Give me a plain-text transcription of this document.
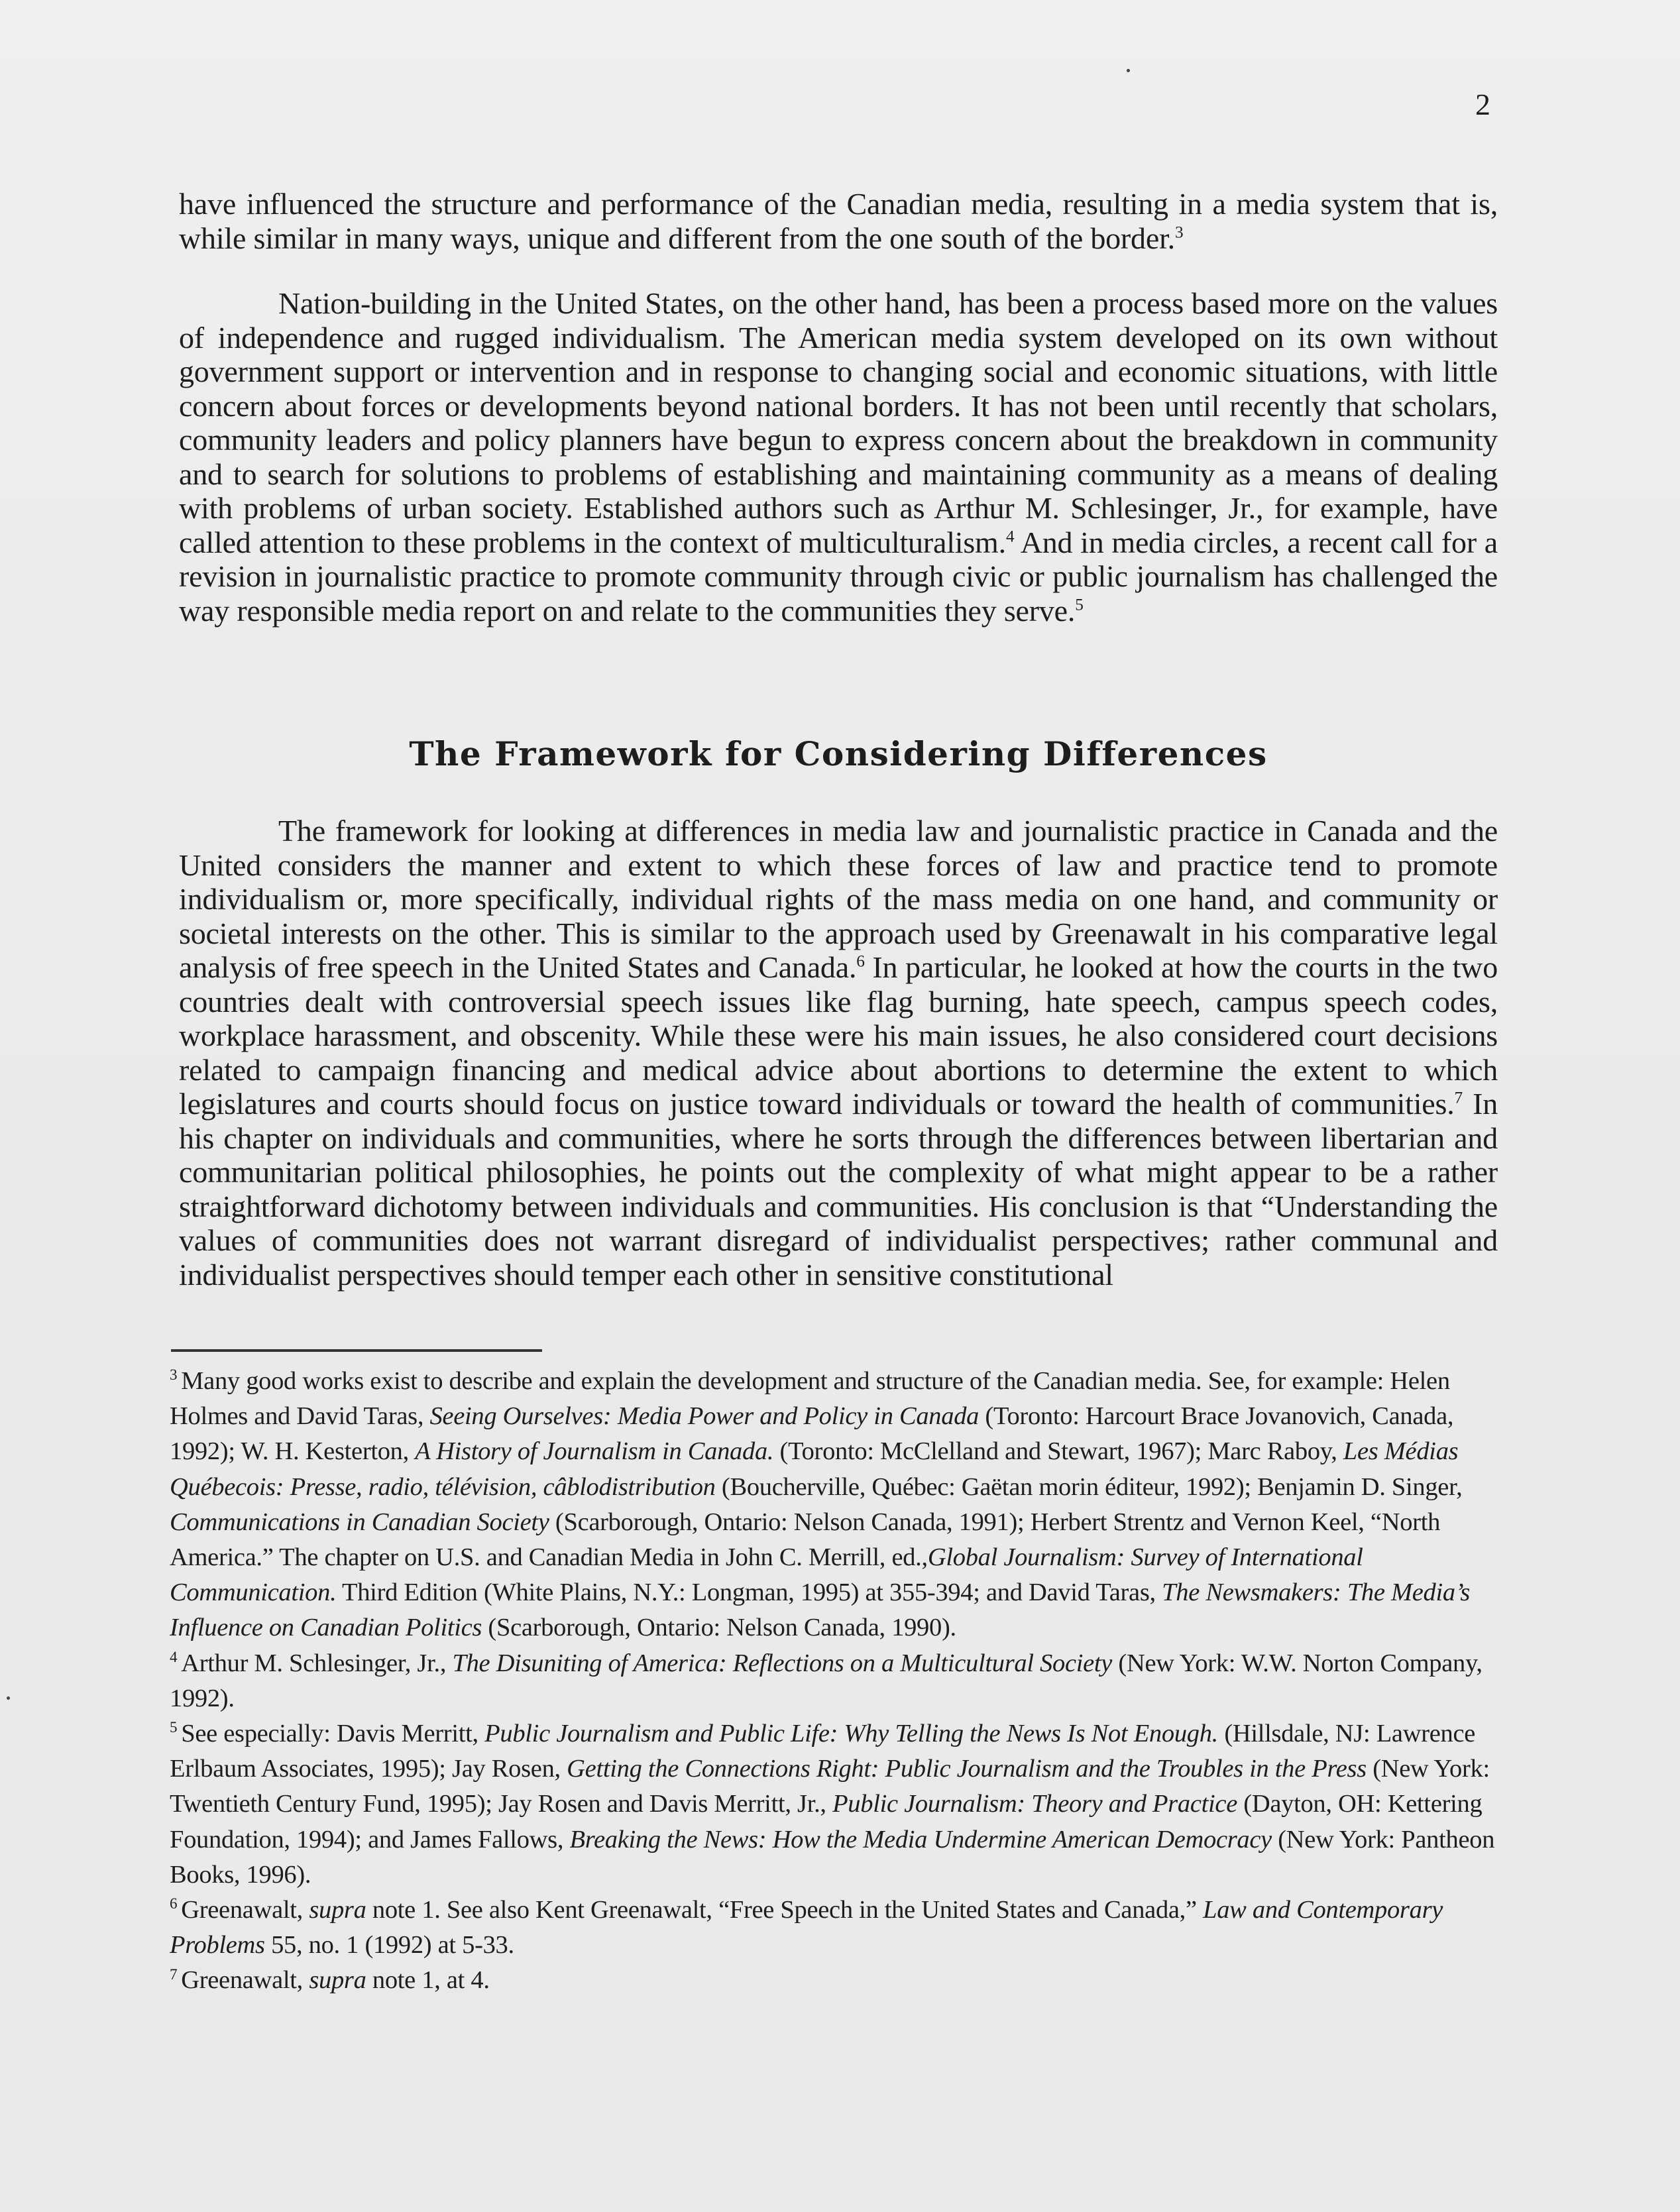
2

have influenced the structure and performance of the Canadian media, resulting in a media system that is, while similar in many ways, unique and different from the one south of the border.$^3$

Nation-building in the United States, on the other hand, has been a process based more on the values of independence and rugged individualism. The American media system developed on its own without government support or intervention and in response to changing social and economic situations, with little concern about forces or developments beyond national borders. It has not been until recently that scholars, community leaders and policy planners have begun to express concern about the breakdown in community and to search for solutions to problems of establishing and maintaining community as a means of dealing with problems of urban society. Established authors such as Arthur M. Schlesinger, Jr., for example, have called attention to these problems in the context of multiculturalism.$^4$ And in media circles, a recent call for a revision in journalistic practice to promote community through civic or public journalism has challenged the way responsible media report on and relate to the communities they serve.$^5$

The Framework for Considering Differences

The framework for looking at differences in media law and journalistic practice in Canada and the United considers the manner and extent to which these forces of law and practice tend to promote individualism or, more specifically, individual rights of the mass media on one hand, and community or societal interests on the other. This is similar to the approach used by Greenawalt in his comparative legal analysis of free speech in the United States and Canada.$^6$ In particular, he looked at how the courts in the two countries dealt with controversial speech issues like flag burning, hate speech, campus speech codes, workplace harassment, and obscenity. While these were his main issues, he also considered court decisions related to campaign financing and medical advice about abortions to determine the extent to which legislatures and courts should focus on justice toward individuals or toward the health of communities.$^7$ In his chapter on individuals and communities, where he sorts through the differences between libertarian and communitarian political philosophies, he points out the complexity of what might appear to be a rather straightforward dichotomy between individuals and communities. His conclusion is that “Understanding the values of communities does not warrant disregard of individualist perspectives; rather communal and individualist perspectives should temper each other in sensitive constitutional

$^3$ Many good works exist to describe and explain the development and structure of the Canadian media. See, for example: Helen Holmes and David Taras, Seeing Ourselves: Media Power and Policy in Canada (Toronto: Harcourt Brace Jovanovich, Canada, 1992); W. H. Kesterton, A History of Journalism in Canada. (Toronto: McClelland and Stewart, 1967); Marc Raboy, Les Médias Québecois: Presse, radio, télévision, câblodistribution (Boucherville, Québec: Gaëtan morin éditeur, 1992); Benjamin D. Singer, Communications in Canadian Society (Scarborough, Ontario: Nelson Canada, 1991); Herbert Strentz and Vernon Keel, “North America.” The chapter on U.S. and Canadian Media in John C. Merrill, ed.,Global Journalism: Survey of International Communication. Third Edition (White Plains, N.Y.: Longman, 1995) at 355-394; and David Taras, The Newsmakers: The Media’s Influence on Canadian Politics (Scarborough, Ontario: Nelson Canada, 1990).

$^4$ Arthur M. Schlesinger, Jr., The Disuniting of America: Reflections on a Multicultural Society (New York: W.W. Norton Company, 1992).

$^5$ See especially: Davis Merritt, Public Journalism and Public Life: Why Telling the News Is Not Enough. (Hillsdale, NJ: Lawrence Erlbaum Associates, 1995); Jay Rosen, Getting the Connections Right: Public Journalism and the Troubles in the Press (New York: Twentieth Century Fund, 1995); Jay Rosen and Davis Merritt, Jr., Public Journalism: Theory and Practice (Dayton, OH: Kettering Foundation, 1994); and James Fallows, Breaking the News: How the Media Undermine American Democracy (New York: Pantheon Books, 1996).

$^6$ Greenawalt, supra note 1. See also Kent Greenawalt, “Free Speech in the United States and Canada,” Law and Contemporary Problems 55, no. 1 (1992) at 5-33.

$^7$ Greenawalt, supra note 1, at 4.
